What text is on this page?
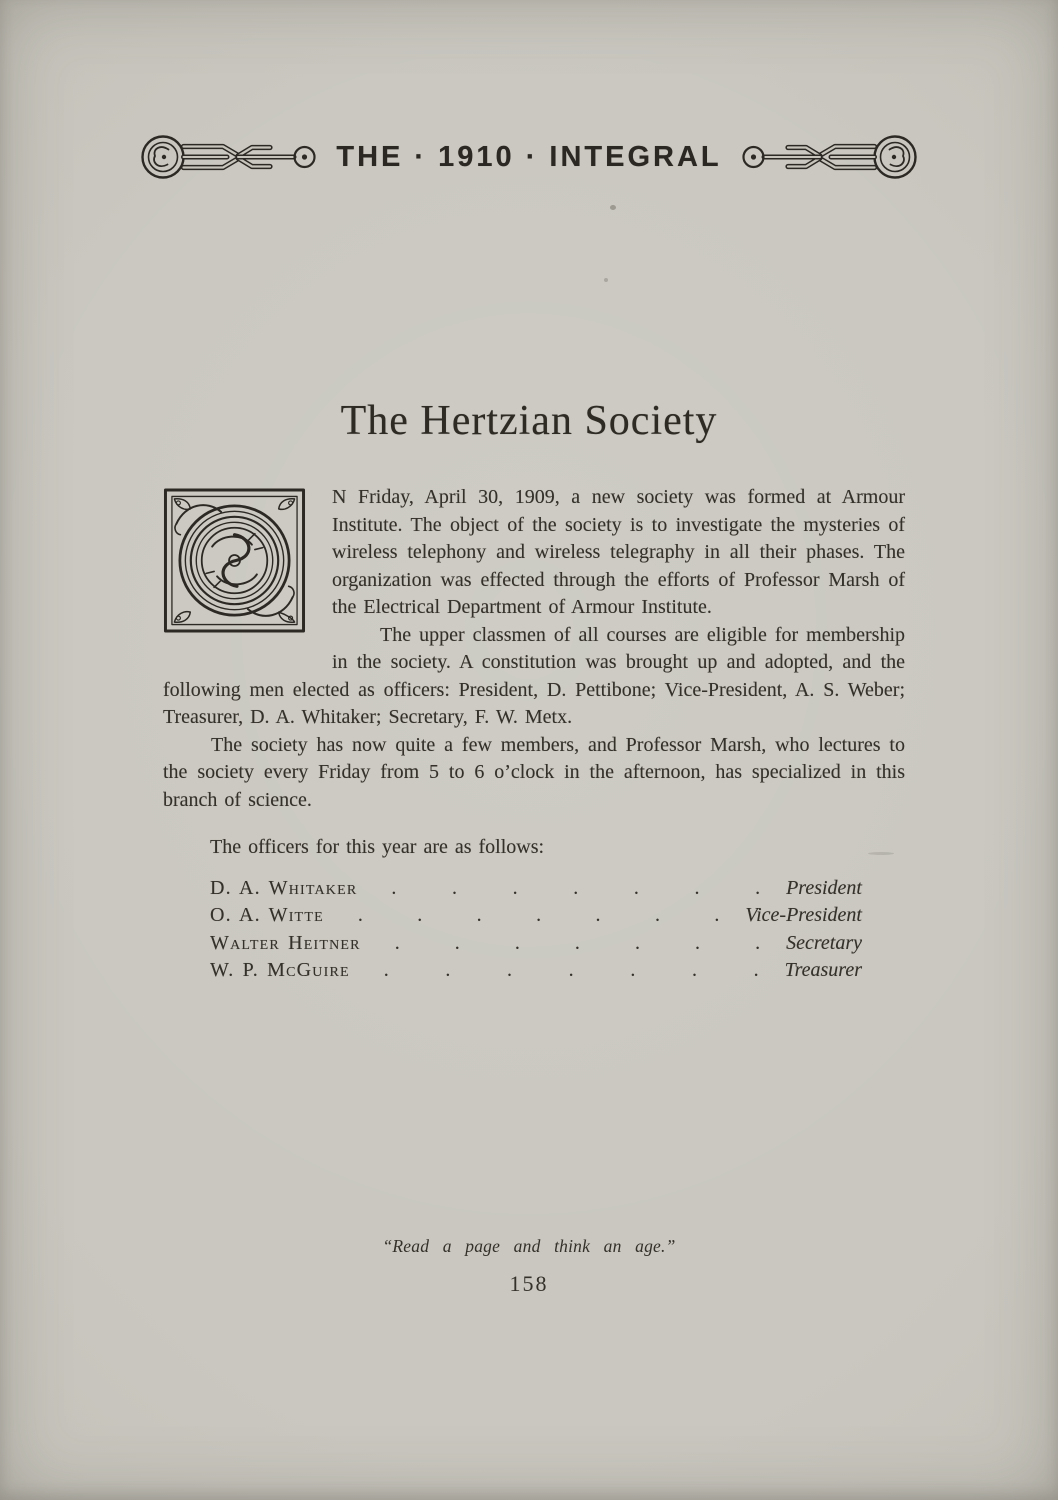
THE · 1910 · INTEGRAL
The Hertzian Society

N Friday, April 30, 1909, a new society was formed at Armour Institute. The object of the society is to investigate the mysteries of wireless telephony and wireless telegraphy in all their phases. The organization was effected through the efforts of Professor Marsh of the Electrical Department of Armour Institute.

The upper classmen of all courses are eligible for membership in the society. A constitution was brought up and adopted, and the following men elected as officers: President, D. Pettibone; Vice-President, A. S. Weber; Treasurer, D. A. Whitaker; Secretary, F. W. Metx.

The society has now quite a few members, and Professor Marsh, who lectures to the society every Friday from 5 to 6 o’clock in the afternoon, has specialized in this branch of science.

The officers for this year are as follows:
D. A. Whitaker	. . . . . . .	President
O. A. Witte	. . . . . . .	Vice-President
Walter Heitner	. . . . . . .	Secretary
W. P. McGuire	. . . . . . .	Treasurer
“Read a page and think an age.”
158
